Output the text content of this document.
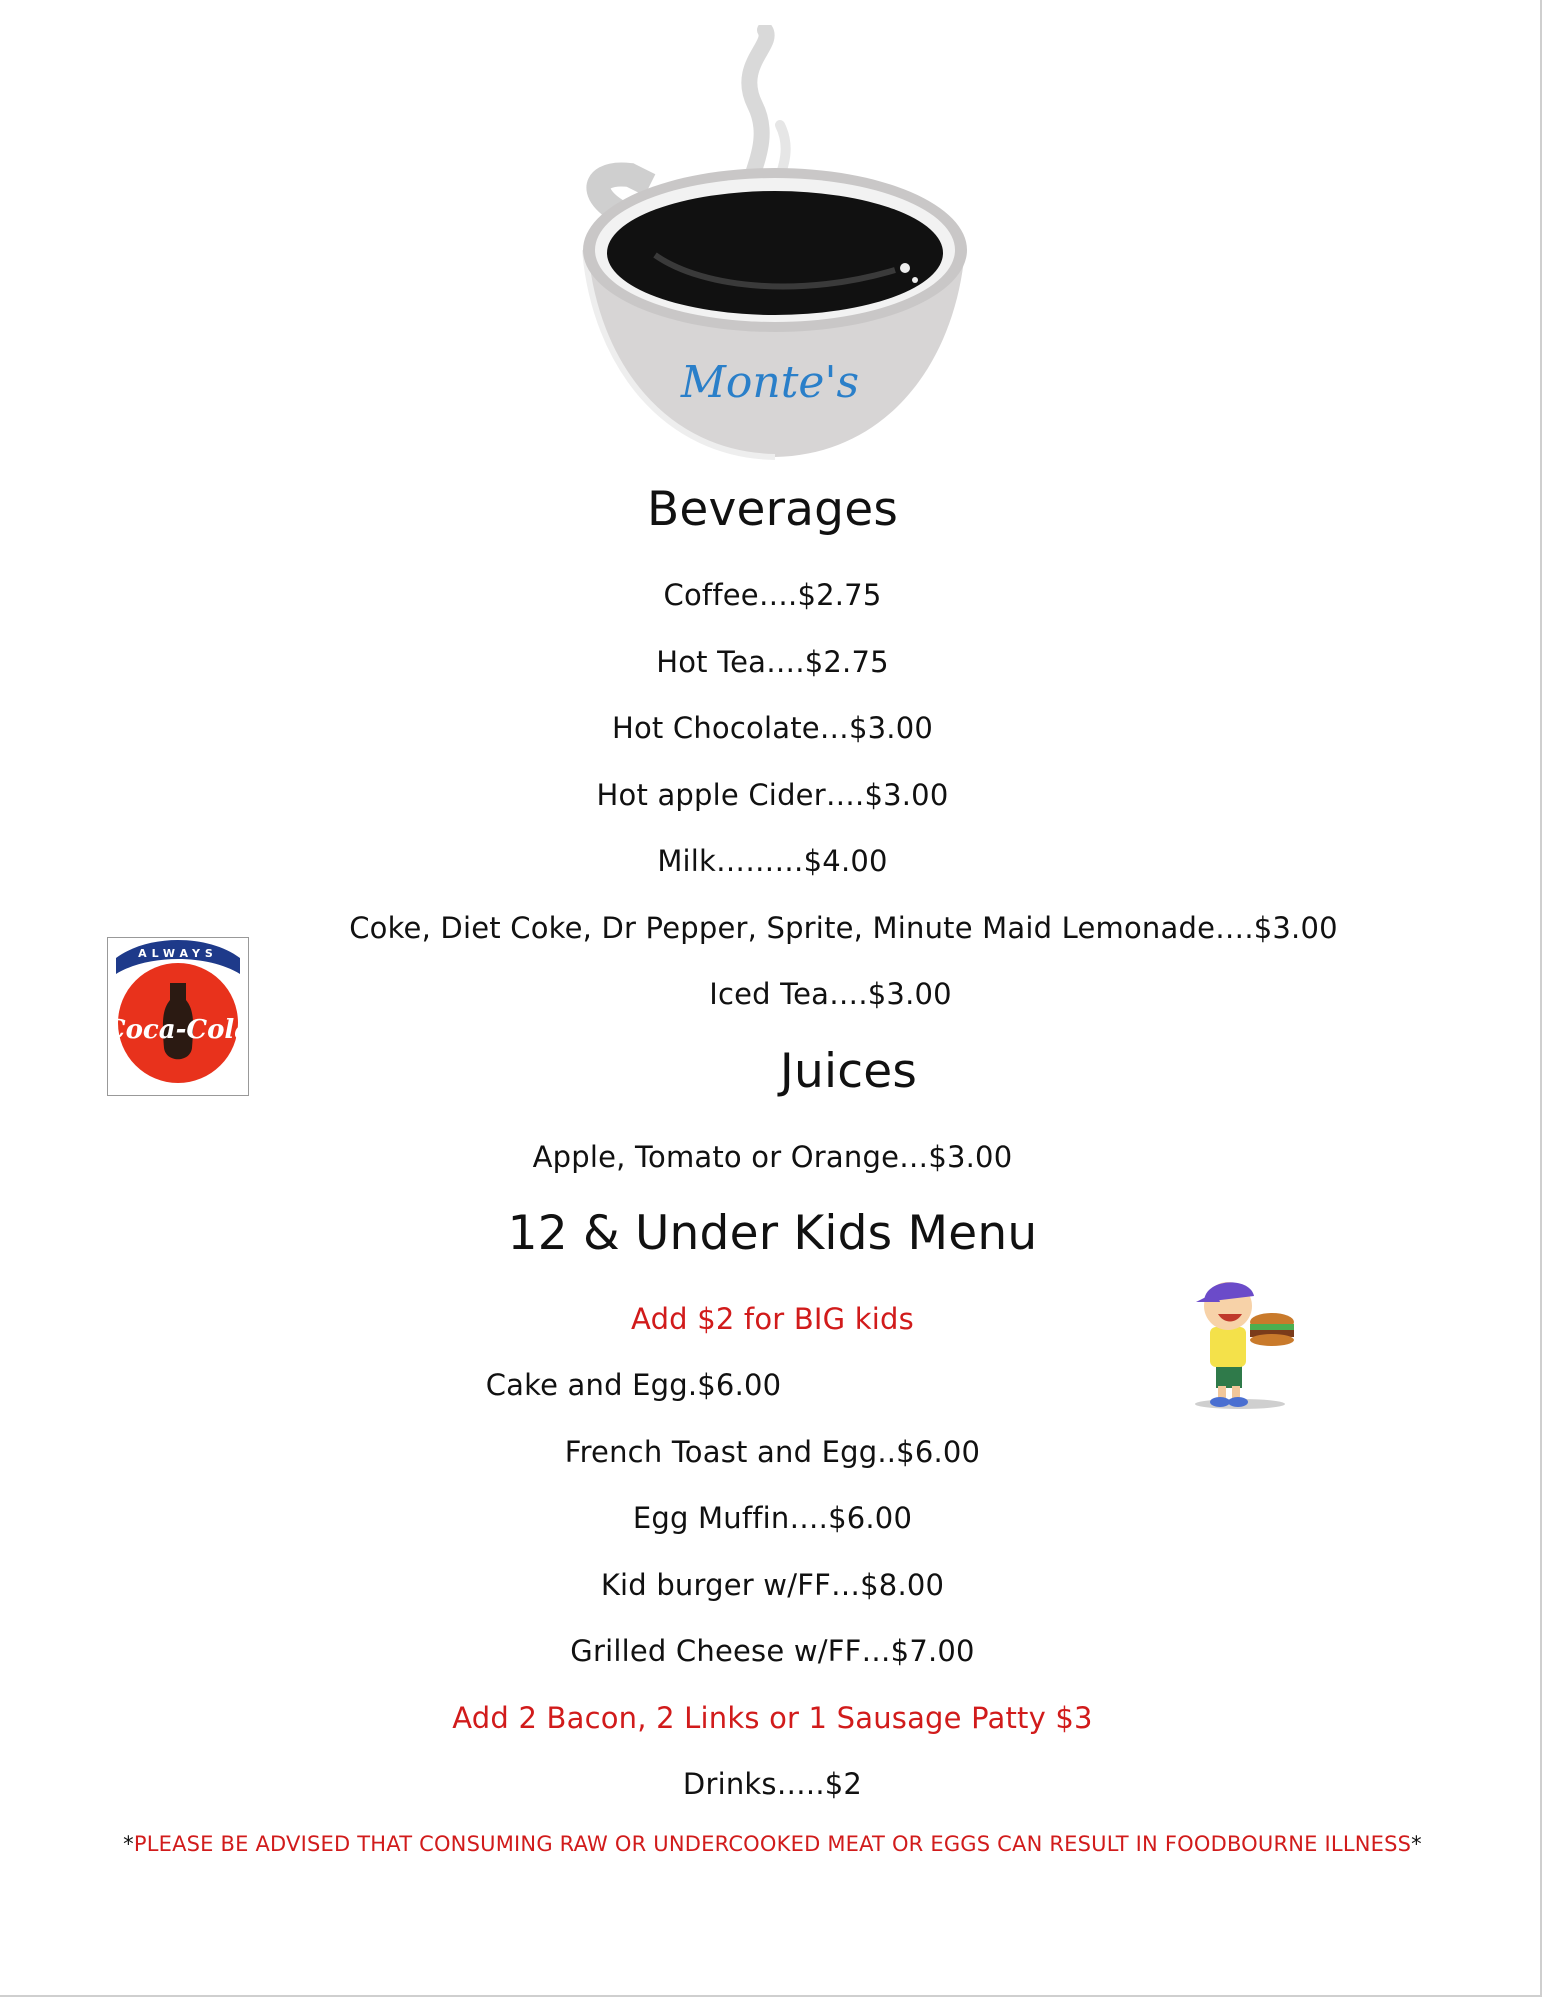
Monte's
Coca-Cola
ALWAYS
Beverages
Coffee….$2.75
Hot Tea….$2.75
Hot Chocolate…$3.00
Hot apple Cider….$3.00
Milk………$4.00
Coke, Diet Coke, Dr Pepper, Sprite, Minute Maid Lemonade….$3.00
Iced Tea….$3.00
Juices
Apple, Tomato or Orange…$3.00
12 & Under Kids Menu
Add $2 for BIG kids
Cake and Egg.$6.00
French Toast and Egg..$6.00
Egg Muffin….$6.00
Kid burger w/FF…$8.00
Grilled Cheese w/FF…$7.00
Add 2 Bacon, 2 Links or 1 Sausage Patty $3
Drinks…..$2
*PLEASE BE ADVISED THAT CONSUMING RAW OR UNDERCOOKED MEAT OR EGGS CAN RESULT IN FOODBOURNE ILLNESS*
